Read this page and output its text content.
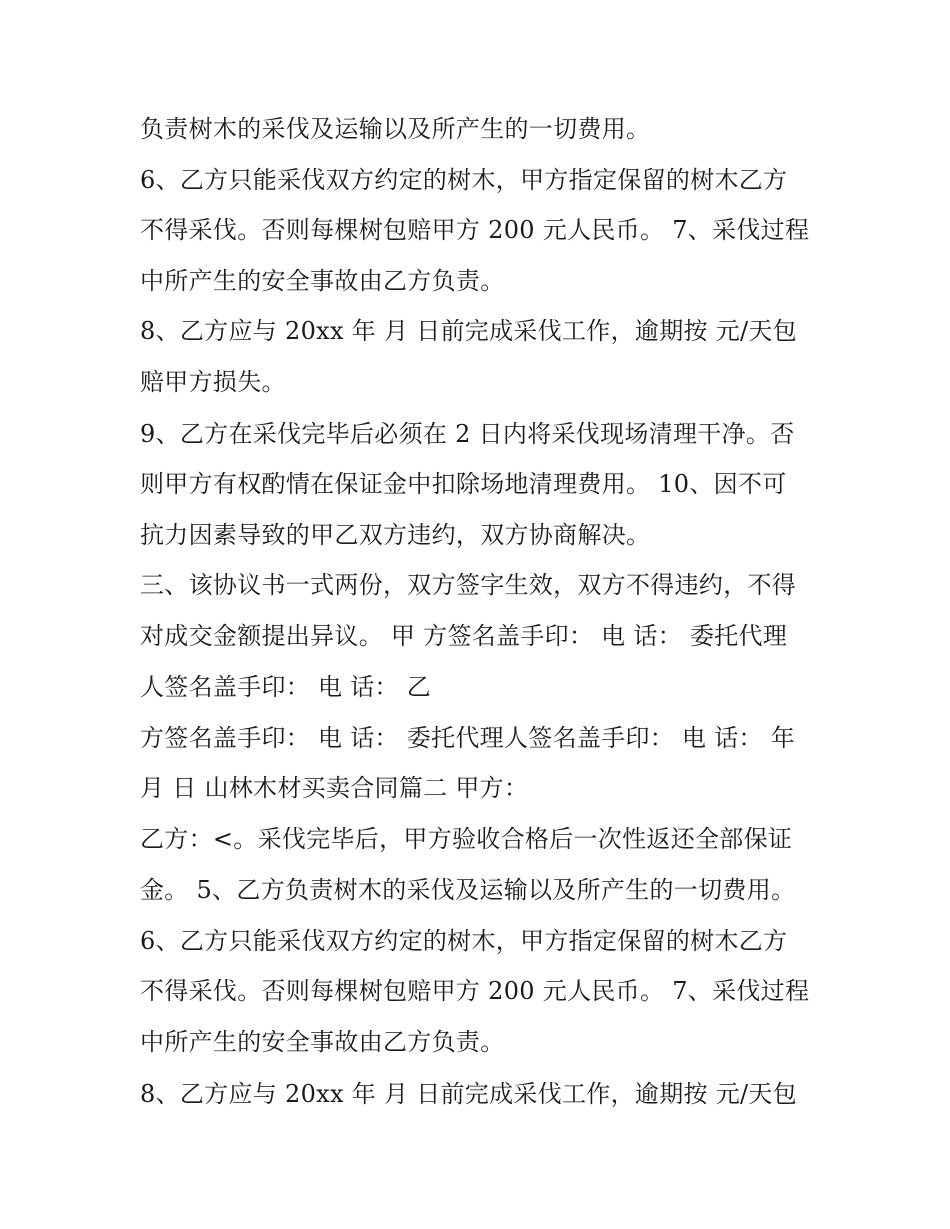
负责树木的采伐及运输以及所产生的一切费用。
6、乙方只能采伐双方约定的树木，甲方指定保留的树木乙方
不得采伐。否则每棵树包赔甲方 200 元人民币。 7、采伐过程
中所产生的安全事故由乙方负责。
8、乙方应与 20xx 年 月 日前完成采伐工作，逾期按 元/天包
赔甲方损失。
9、乙方在采伐完毕后必须在 2 日内将采伐现场清理干净。否
则甲方有权酌情在保证金中扣除场地清理费用。 10、因不可
抗力因素导致的甲乙双方违约，双方协商解决。
三、该协议书一式两份，双方签字生效，双方不得违约，不得
对成交金额提出异议。 甲 方签名盖手印： 电 话： 委托代理
人签名盖手印： 电 话： 乙
方签名盖手印： 电 话： 委托代理人签名盖手印： 电 话： 年
月 日 山林木材买卖合同篇二 甲方：
乙方：<。采伐完毕后，甲方验收合格后一次性返还全部保证
金。 5、乙方负责树木的采伐及运输以及所产生的一切费用。
6、乙方只能采伐双方约定的树木，甲方指定保留的树木乙方
不得采伐。否则每棵树包赔甲方 200 元人民币。 7、采伐过程
中所产生的安全事故由乙方负责。
8、乙方应与 20xx 年 月 日前完成采伐工作，逾期按 元/天包
